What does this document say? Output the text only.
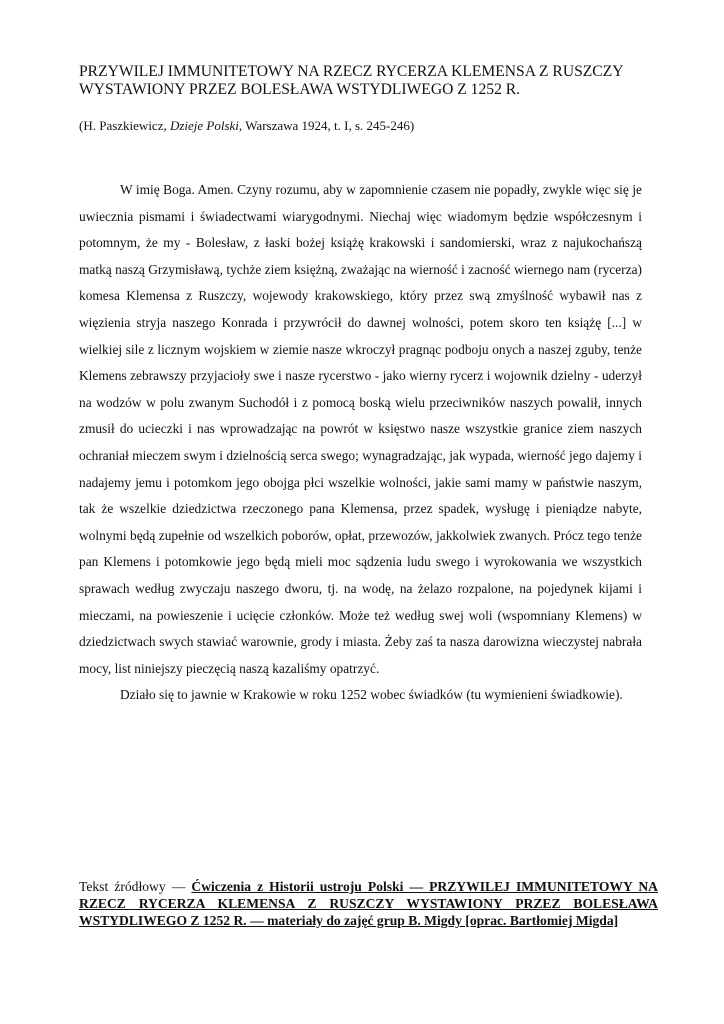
PRZYWILEJ IMMUNITETOWY NA RZECZ RYCERZA KLEMENSA Z RUSZCZY
WYSTAWIONY PRZEZ BOLESŁAWA WSTYDLIWEGO Z 1252 R.

(H. Paszkiewicz, Dzieje Polski, Warszawa 1924, t. I, s. 245-246)

W imię Boga. Amen. Czyny rozumu, aby w zapomnienie czasem nie popadły, zwykle więc się je uwiecznia pismami i świadectwami wiarygodnymi. Niechaj więc wiadomym będzie współczesnym i potomnym, że my - Bolesław, z łaski bożej książę krakowski i sandomierski, wraz z najukochańszą matką naszą Grzymisławą, tychże ziem księżną, zważając na wierność i zacność wiernego nam (rycerza) komesa Klemensa z Ruszczy, wojewody krakowskiego, który przez swą zmyślność wybawił nas z więzienia stryja naszego Konrada i przywrócił do dawnej wolności, potem skoro ten książę [...] w wielkiej sile z licznym wojskiem w ziemie nasze wkroczył pragnąc podboju onych a naszej zguby, tenże Klemens zebrawszy przyjacioły swe i nasze rycerstwo - jako wierny rycerz i wojownik dzielny - uderzył na wodzów w polu zwanym Suchodół i z pomocą boską wielu przeciwników naszych powalił, innych zmusił do ucieczki i nas wprowadzając na powrót w księstwo nasze wszystkie granice ziem naszych ochraniał mieczem swym i dzielnością serca swego; wynagradzając, jak wypada, wierność jego dajemy i nadajemy jemu i potomkom jego obojga płci wszelkie wolności, jakie sami mamy w państwie naszym, tak że wszelkie dziedzictwa rzeczonego pana Klemensa, przez spadek, wysługę i pieniądze nabyte, wolnymi będą zupełnie od wszelkich poborów, opłat, przewozów, jakkolwiek zwanych. Prócz tego tenże pan Klemens i potomkowie jego będą mieli moc sądzenia ludu swego i wyrokowania we wszystkich sprawach według zwyczaju naszego dworu, tj. na wodę, na żelazo rozpalone, na pojedynek kijami i mieczami, na powieszenie i ucięcie członków. Może też według swej woli (wspomniany Klemens) w dziedzictwach swych stawiać warownie, grody i miasta. Żeby zaś ta nasza darowizna wieczystej nabrała mocy, list niniejszy pieczęcią naszą kazaliśmy opatrzyć.

Działo się to jawnie w Krakowie w roku 1252 wobec świadków (tu wymienieni świadkowie).

Tekst źródłowy — Ćwiczenia z Historii ustroju Polski — PRZYWILEJ IMMUNITETOWY NA RZECZ RYCERZA KLEMENSA Z RUSZCZY WYSTAWIONY PRZEZ BOLESŁAWA WSTYDLIWEGO Z 1252 R. — materiały do zajęć grup B. Migdy [oprac. Bartłomiej Migda]
